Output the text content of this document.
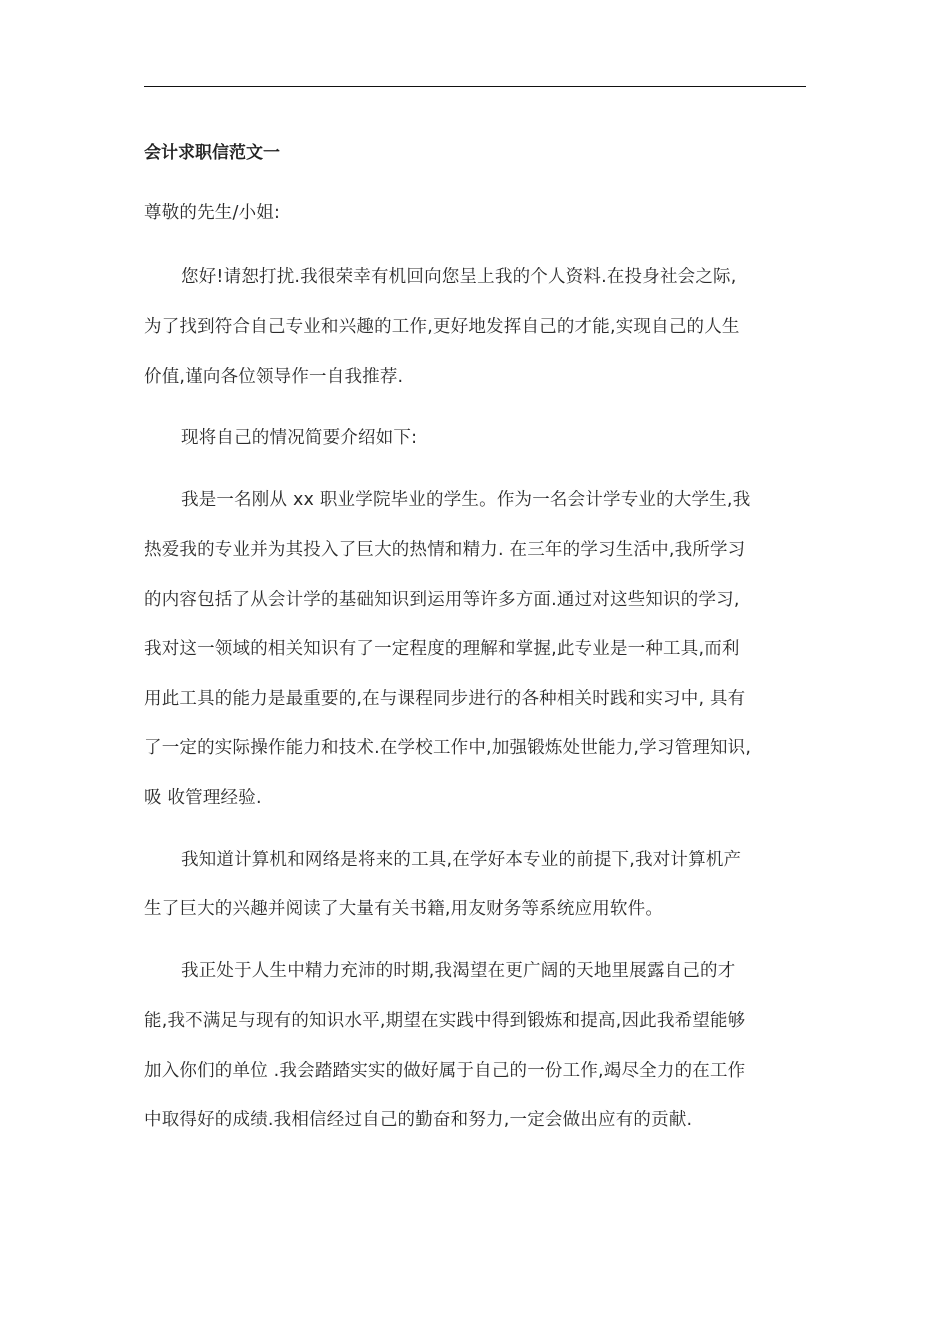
会计求职信范文一
尊敬的先生/小姐:
您好!请恕打扰.我很荣幸有机回向您呈上我的个人资料.在投身社会之际,
为了找到符合自己专业和兴趣的工作,更好地发挥自己的才能,实现自己的人生
价值,谨向各位领导作一自我推荐.
现将自己的情况简要介绍如下:
我是一名刚从 xx 职业学院毕业的学生。作为一名会计学专业的大学生,我
热爱我的专业并为其投入了巨大的热情和精力. 在三年的学习生活中,我所学习
的内容包括了从会计学的基础知识到运用等许多方面.通过对这些知识的学习,
我对这一领域的相关知识有了一定程度的理解和掌握,此专业是一种工具,而利
用此工具的能力是最重要的,在与课程同步进行的各种相关时践和实习中, 具有
了一定的实际操作能力和技术.在学校工作中,加强锻炼处世能力,学习管理知识,
吸 收管理经验.
我知道计算机和网络是将来的工具,在学好本专业的前提下,我对计算机产
生了巨大的兴趣并阅读了大量有关书籍,用友财务等系统应用软件。
我正处于人生中精力充沛的时期,我渴望在更广阔的天地里展露自己的才
能,我不满足与现有的知识水平,期望在实践中得到锻炼和提高,因此我希望能够
加入你们的单位 .我会踏踏实实的做好属于自己的一份工作,竭尽全力的在工作
中取得好的成绩.我相信经过自己的勤奋和努力,一定会做出应有的贡献.
